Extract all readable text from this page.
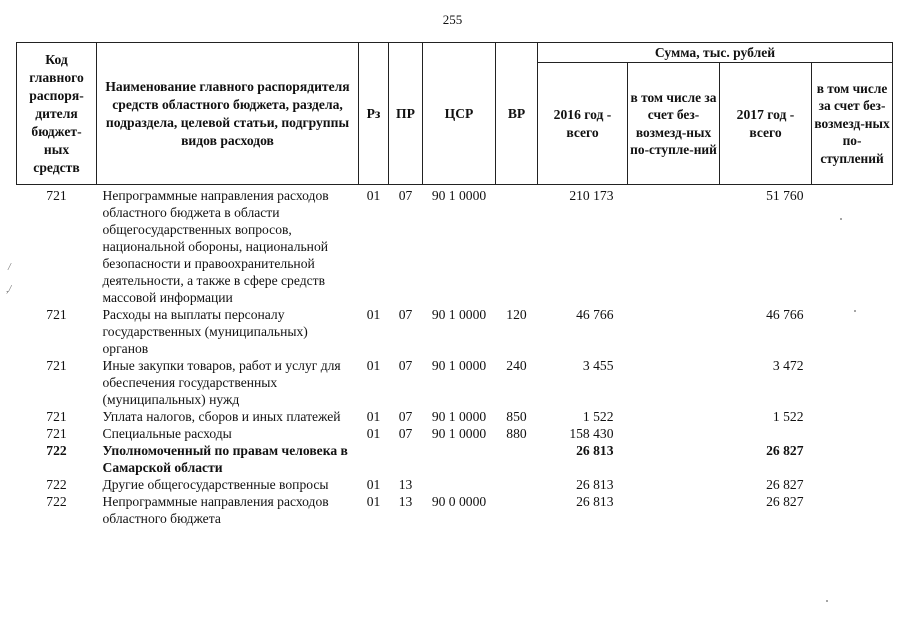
255
Код главного распоря-дителя бюджет-ных средств	Наименование главного распорядителя средств областного бюджета, раздела, подраздела, целевой статьи, подгруппы видов расходов	Рз	ПР	ЦСР	ВР	Сумма, тыс. рублей			
						2016 год - всего	в том числе за счет без-возмезд-ных по-ступле-ний	2017 год - всего	в том числе за счет без-возмезд-ных по-ступлений
721	Непрограммные направления расходов областного бюджета в области общегосударственных вопросов, национальной обороны, национальной безопасности и правоохранительной деятельности, а также в сфере средств массовой информации	01	07	90 1 0000		210 173		51 760	
721	Расходы на выплаты персоналу государственных (муниципальных) органов	01	07	90 1 0000	120	46 766		46 766	
721	Иные закупки товаров, работ и услуг для обеспечения государственных (муниципальных) нужд	01	07	90 1 0000	240	3 455		3 472	
721	Уплата налогов, сборов и иных платежей	01	07	90 1 0000	850	1 522		1 522	
721	Специальные расходы	01	07	90 1 0000	880	158 430			
722	Уполномоченный по правам человека в Самарской области					26 813		26 827	
722	Другие общегосударственные вопросы	01	13			26 813		26 827	
722	Непрограммные направления расходов областного бюджета	01	13	90 0 0000		26 813		26 827	
/
,/
